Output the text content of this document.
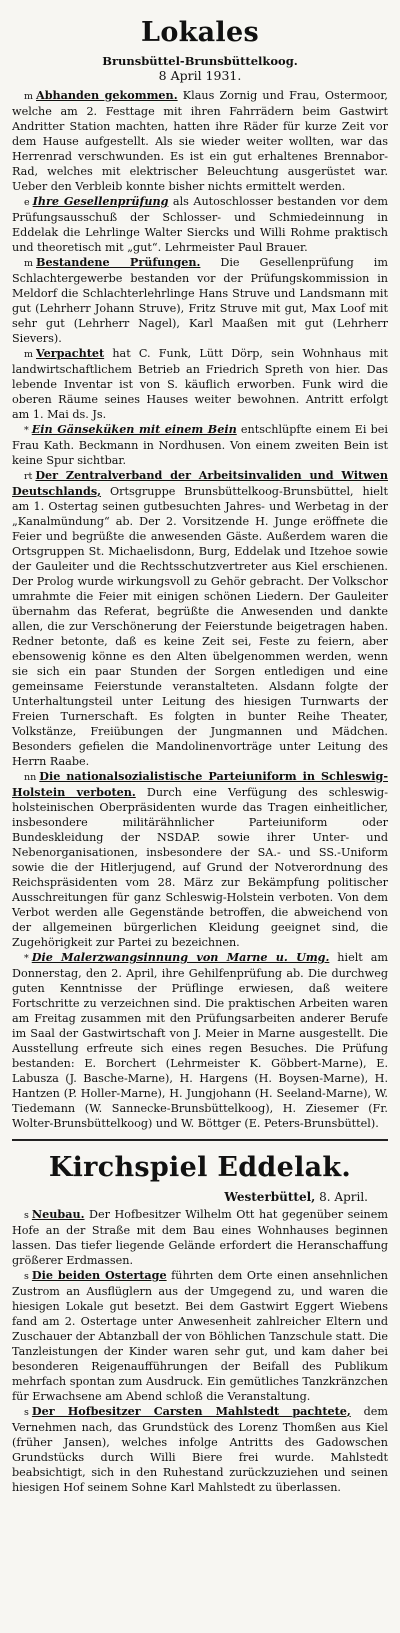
Lokales
Brunsbüttel-Brunsbüttelkoog.
8 April 1931.

m Abhanden gekommen. Klaus Zornig und Frau, Ostermoor, welche am 2. Festtage mit ihren Fahrrädern beim Gastwirt Andritter Station machten, hatten ihre Räder für kurze Zeit vor dem Hause aufgestellt. Als sie wieder weiter wollten, war das Herrenrad verschwunden. Es ist ein gut erhaltenes Brennabor-Rad, welches mit elektrischer Beleuchtung ausgerüstet war. Ueber den Verbleib konnte bisher nichts ermittelt werden.

e Ihre Gesellenprüfung als Autoschlosser bestanden vor dem Prüfungsausschuß der Schlosser- und Schmiedeinnung in Eddelak die Lehrlinge Walter Siercks und Willi Rohme praktisch und theoretisch mit „gut“. Lehrmeister Paul Brauer.

m Bestandene Prüfungen. Die Gesellenprüfung im Schlachtergewerbe bestanden vor der Prüfungskommission in Meldorf die Schlachterlehrlinge Hans Struve und Landsmann mit gut (Lehrherr Johann Struve), Fritz Struve mit gut, Max Loof mit sehr gut (Lehrherr Nagel), Karl Maaßen mit gut (Lehrherr Sievers).

m Verpachtet hat C. Funk, Lütt Dörp, sein Wohnhaus mit landwirtschaftlichem Betrieb an Friedrich Spreth von hier. Das lebende Inventar ist von S. käuflich erworben. Funk wird die oberen Räume seines Hauses weiter bewohnen. Antritt erfolgt am 1. Mai ds. Js.

* Ein Gänseküken mit einem Bein entschlüpfte einem Ei bei Frau Kath. Beckmann in Nordhusen. Von einem zweiten Bein ist keine Spur sichtbar.

rt Der Zentralverband der Arbeitsinvaliden und Witwen Deutschlands, Ortsgruppe Brunsbüttelkoog-Brunsbüttel, hielt am 1. Ostertag seinen gutbesuchten Jahres- und Werbetag in der „Kanalmündung“ ab. Der 2. Vorsitzende H. Junge eröffnete die Feier und begrüßte die anwesenden Gäste. Außerdem waren die Ortsgruppen St. Michaelisdonn, Burg, Eddelak und Itzehoe sowie der Gauleiter und die Rechtsschutzvertreter aus Kiel erschienen. Der Prolog wurde wirkungsvoll zu Gehör gebracht. Der Volkschor umrahmte die Feier mit einigen schönen Liedern. Der Gauleiter übernahm das Referat, begrüßte die Anwesenden und dankte allen, die zur Verschönerung der Feierstunde beigetragen haben. Redner betonte, daß es keine Zeit sei, Feste zu feiern, aber ebensowenig könne es den Alten übelgenommen werden, wenn sie sich ein paar Stunden der Sorgen entledigen und eine gemeinsame Feierstunde veranstalteten. Alsdann folgte der Unterhaltungsteil unter Leitung des hiesigen Turnwarts der Freien Turnerschaft. Es folgten in bunter Reihe Theater, Volkstänze, Freiübungen der Jungmannen und Mädchen. Besonders gefielen die Mandolinenvorträge unter Leitung des Herrn Raabe.

nn Die nationalsozialistische Parteiuniform in Schleswig-Holstein verboten. Durch eine Verfügung des schleswig-holsteinischen Oberpräsidenten wurde das Tragen einheitlicher, insbesondere militärähnlicher Parteiuniform oder Bundeskleidung der NSDAP. sowie ihrer Unter- und Nebenorganisationen, insbesondere der SA.- und SS.-Uniform sowie die der Hitlerjugend, auf Grund der Notverordnung des Reichspräsidenten vom 28. März zur Bekämpfung politischer Ausschreitungen für ganz Schleswig-Holstein verboten. Von dem Verbot werden alle Gegenstände betroffen, die abweichend von der allgemeinen bürgerlichen Kleidung geeignet sind, die Zugehörigkeit zur Partei zu bezeichnen.

* Die Malerzwangsinnung von Marne u. Umg. hielt am Donnerstag, den 2. April, ihre Gehilfenprüfung ab. Die durchweg guten Kenntnisse der Prüflinge erwiesen, daß weitere Fortschritte zu verzeichnen sind. Die praktischen Arbeiten waren am Freitag zusammen mit den Prüfungsarbeiten anderer Berufe im Saal der Gastwirtschaft von J. Meier in Marne ausgestellt. Die Ausstellung erfreute sich eines regen Besuches. Die Prüfung bestanden: E. Borchert (Lehrmeister K. Göbbert-Marne), E. Labuszа (J. Basche-Marne), H. Hargens (H. Boysen-Marne), H. Hantzen (P. Holler-Marne), H. Jungjohann (H. Seeland-Marne), W. Tiedemann (W. Sannecke-Brunsbüttelkoog), H. Ziesemer (Fr. Wolter-Brunsbüttelkoog) und W. Böttger (E. Peters-Brunsbüttel).

Kirchspiel Eddelak.
Westerbüttel, 8. April.

s Neubau. Der Hofbesitzer Wilhelm Ott hat gegenüber seinem Hofe an der Straße mit dem Bau eines Wohnhauses beginnen lassen. Das tiefer liegende Gelände erfordert die Heranschaffung größerer Erdmassen.

s Die beiden Ostertage führten dem Orte einen ansehnlichen Zustrom an Ausflüglern aus der Umgegend zu, und waren die hiesigen Lokale gut besetzt. Bei dem Gastwirt Eggert Wiebens fand am 2. Ostertage unter Anwesenheit zahlreicher Eltern und Zuschauer der Abtanzball der von Böhlichen Tanzschule statt. Die Tanzleistungen der Kinder waren sehr gut, und kam daher bei besonderen Reigenaufführungen der Beifall des Publikum mehrfach spontan zum Ausdruck. Ein gemütliches Tanzkränzchen für Erwachsene am Abend schloß die Veranstaltung.

s Der Hofbesitzer Carsten Mahlstedt pachtete, dem Vernehmen nach, das Grundstück des Lorenz Thomßen aus Kiel (früher Jansen), welches infolge Antritts des Gadowschen Grundstücks durch Willi Biere frei wurde. Mahlstedt beabsichtigt, sich in den Ruhestand zurückzuziehen und seinen hiesigen Hof seinem Sohne Karl Mahlstedt zu überlassen.
